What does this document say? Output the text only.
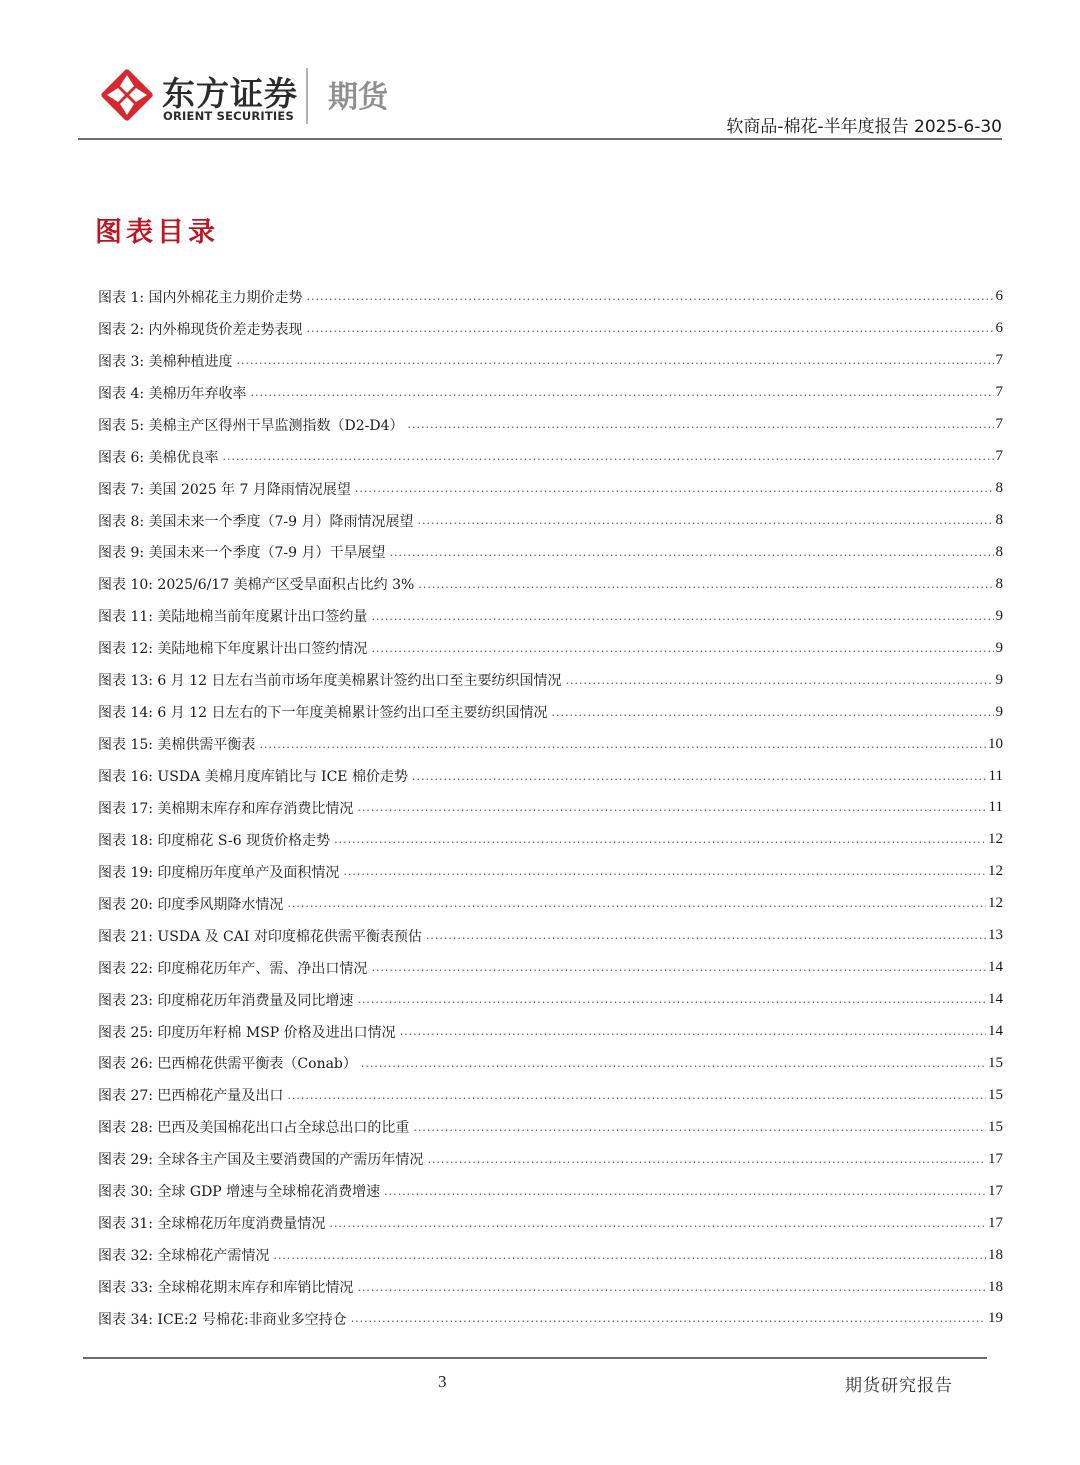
东方证券
ORIENT SECURITIES
期货
软商品-棉花-半年度报告 2025-6-30
图表目录
图表 1: 国内外棉花主力期价走势 .....	6
图表 2: 内外棉现货价差走势表现 .....	6
图表 3: 美棉种植进度 .....	7
图表 4: 美棉历年弃收率 .....	7
图表 5: 美棉主产区得州干旱监测指数（D2-D4） .....	7
图表 6: 美棉优良率 .....	7
图表 7: 美国 2025 年 7 月降雨情况展望 .....	8
图表 8: 美国未来一个季度（7-9 月）降雨情况展望 .....	8
图表 9: 美国未来一个季度（7-9 月）干旱展望 .....	8
图表 10: 2025/6/17 美棉产区受旱面积占比约 3% .....	8
图表 11: 美陆地棉当前年度累计出口签约量 .....	9
图表 12: 美陆地棉下年度累计出口签约情况 .....	9
图表 13: 6 月 12 日左右当前市场年度美棉累计签约出口至主要纺织国情况 .....	9
图表 14: 6 月 12 日左右的下一年度美棉累计签约出口至主要纺织国情况 .....	9
图表 15: 美棉供需平衡表 .....	10
图表 16: USDA 美棉月度库销比与 ICE 棉价走势 .....	11
图表 17: 美棉期末库存和库存消费比情况 .....	11
图表 18: 印度棉花 S-6 现货价格走势 .....	12
图表 19: 印度棉历年度单产及面积情况 .....	12
图表 20: 印度季风期降水情况 .....	12
图表 21: USDA 及 CAI 对印度棉花供需平衡表预估 .....	13
图表 22: 印度棉花历年产、需、净出口情况 .....	14
图表 23: 印度棉花历年消费量及同比增速 .....	14
图表 25: 印度历年籽棉 MSP 价格及进出口情况 .....	14
图表 26: 巴西棉花供需平衡表（Conab） .....	15
图表 27: 巴西棉花产量及出口 .....	15
图表 28: 巴西及美国棉花出口占全球总出口的比重 .....	15
图表 29: 全球各主产国及主要消费国的产需历年情况 .....	17
图表 30: 全球 GDP 增速与全球棉花消费增速 .....	17
图表 31: 全球棉花历年度消费量情况 .....	17
图表 32: 全球棉花产需情况 .....	18
图表 33: 全球棉花期末库存和库销比情况 .....	18
图表 34: ICE:2 号棉花:非商业多空持仓 .....	19
3	期货研究报告
